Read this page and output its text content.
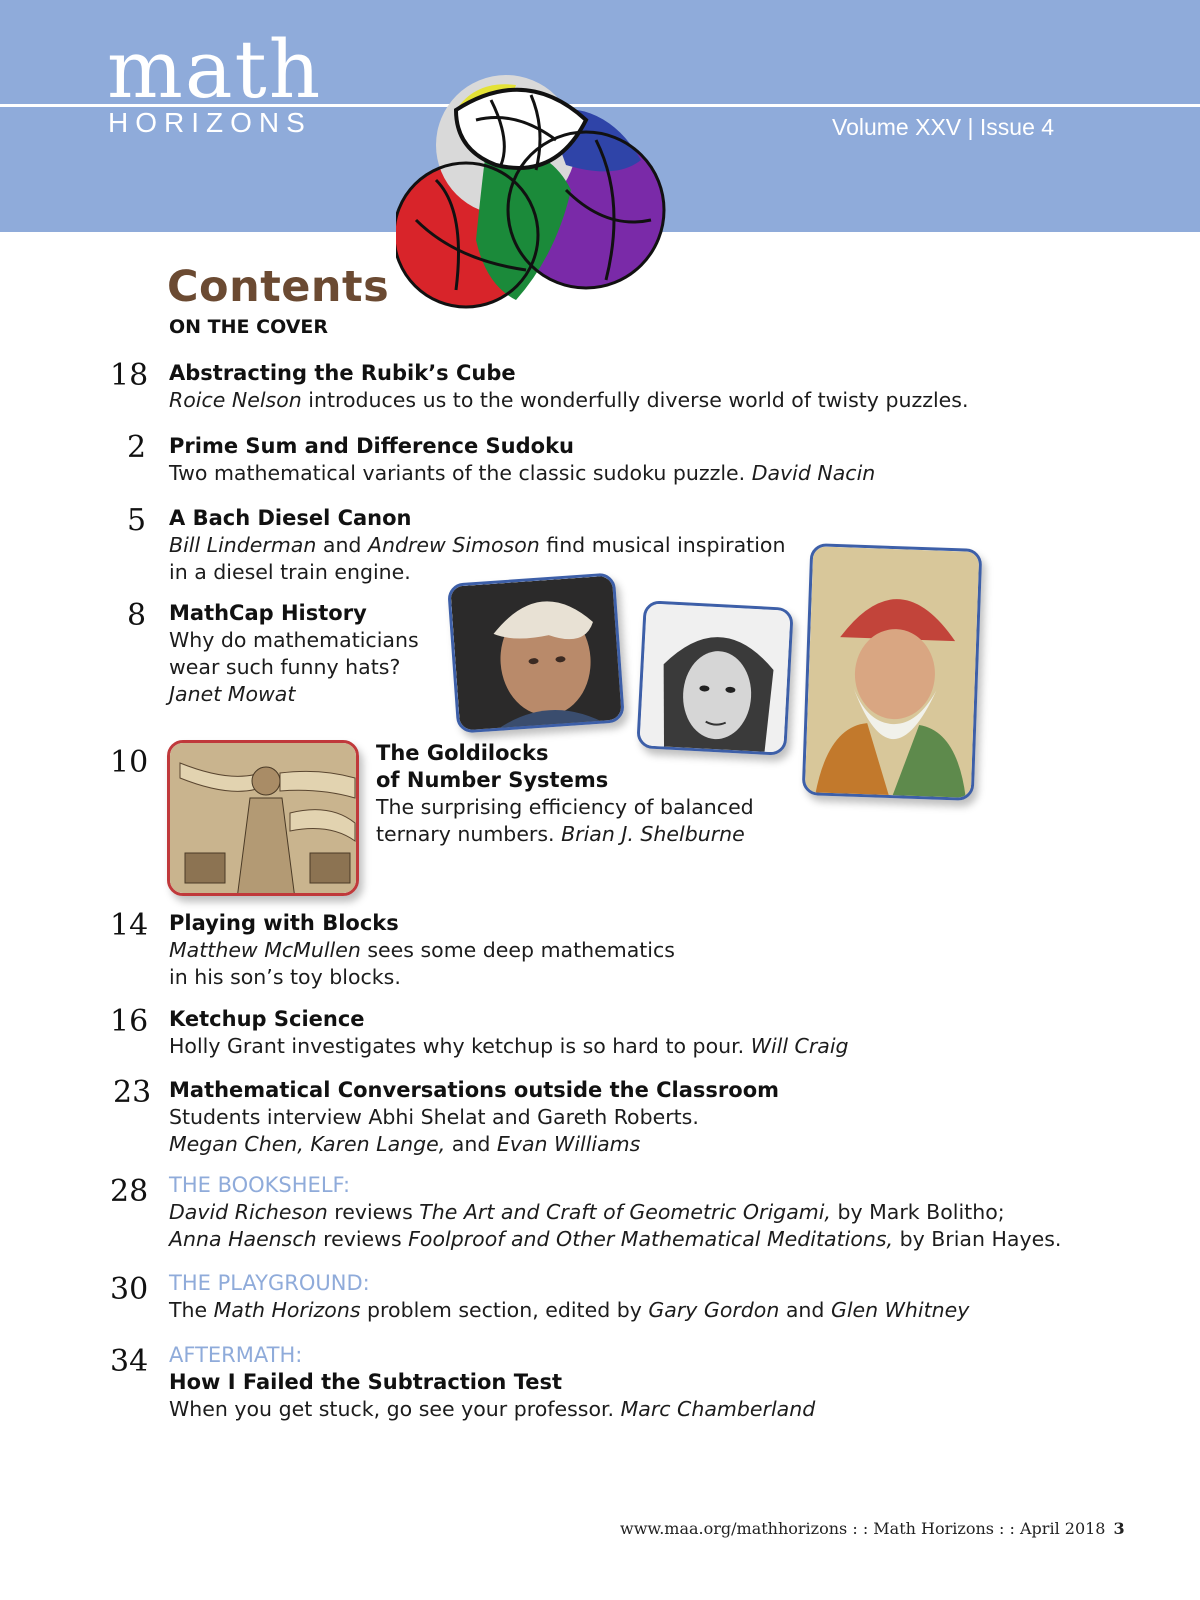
math
HORIZONS	Volume XXV | Issue 4
Contents
ON THE COVER
18 Abstracting the Rubik’s Cube
Roice Nelson introduces us to the wonderfully diverse world of twisty puzzles.
2 Prime Sum and Difference Sudoku
Two mathematical variants of the classic sudoku puzzle. David Nacin
5 A Bach Diesel Canon
Bill Linderman and Andrew Simoson find musical inspiration
in a diesel train engine.
8 MathCap History
Why do mathematicians
wear such funny hats?
Janet Mowat
10	The Goldilocks
of Number Systems
The surprising efficiency of balanced
ternary numbers. Brian J. Shelburne
14 Playing with Blocks
Matthew McMullen sees some deep mathematics
in his son’s toy blocks.
16 Ketchup Science
Holly Grant investigates why ketchup is so hard to pour. Will Craig
23 Mathematical Conversations outside the Classroom
Students interview Abhi Shelat and Gareth Roberts.
Megan Chen, Karen Lange, and Evan Williams
28 THE BOOKSHELF:
David Richeson reviews The Art and Craft of Geometric Origami, by Mark Bolitho;
Anna Haensch reviews Foolproof and Other Mathematical Meditations, by Brian Hayes.
30 THE PLAYGROUND:
The Math Horizons problem section, edited by Gary Gordon and Glen Whitney
34 AFTERMATH:
How I Failed the Subtraction Test
When you get stuck, go see your professor. Marc Chamberland
www.maa.org/mathhorizons : : Math Horizons : : April 2018 3
